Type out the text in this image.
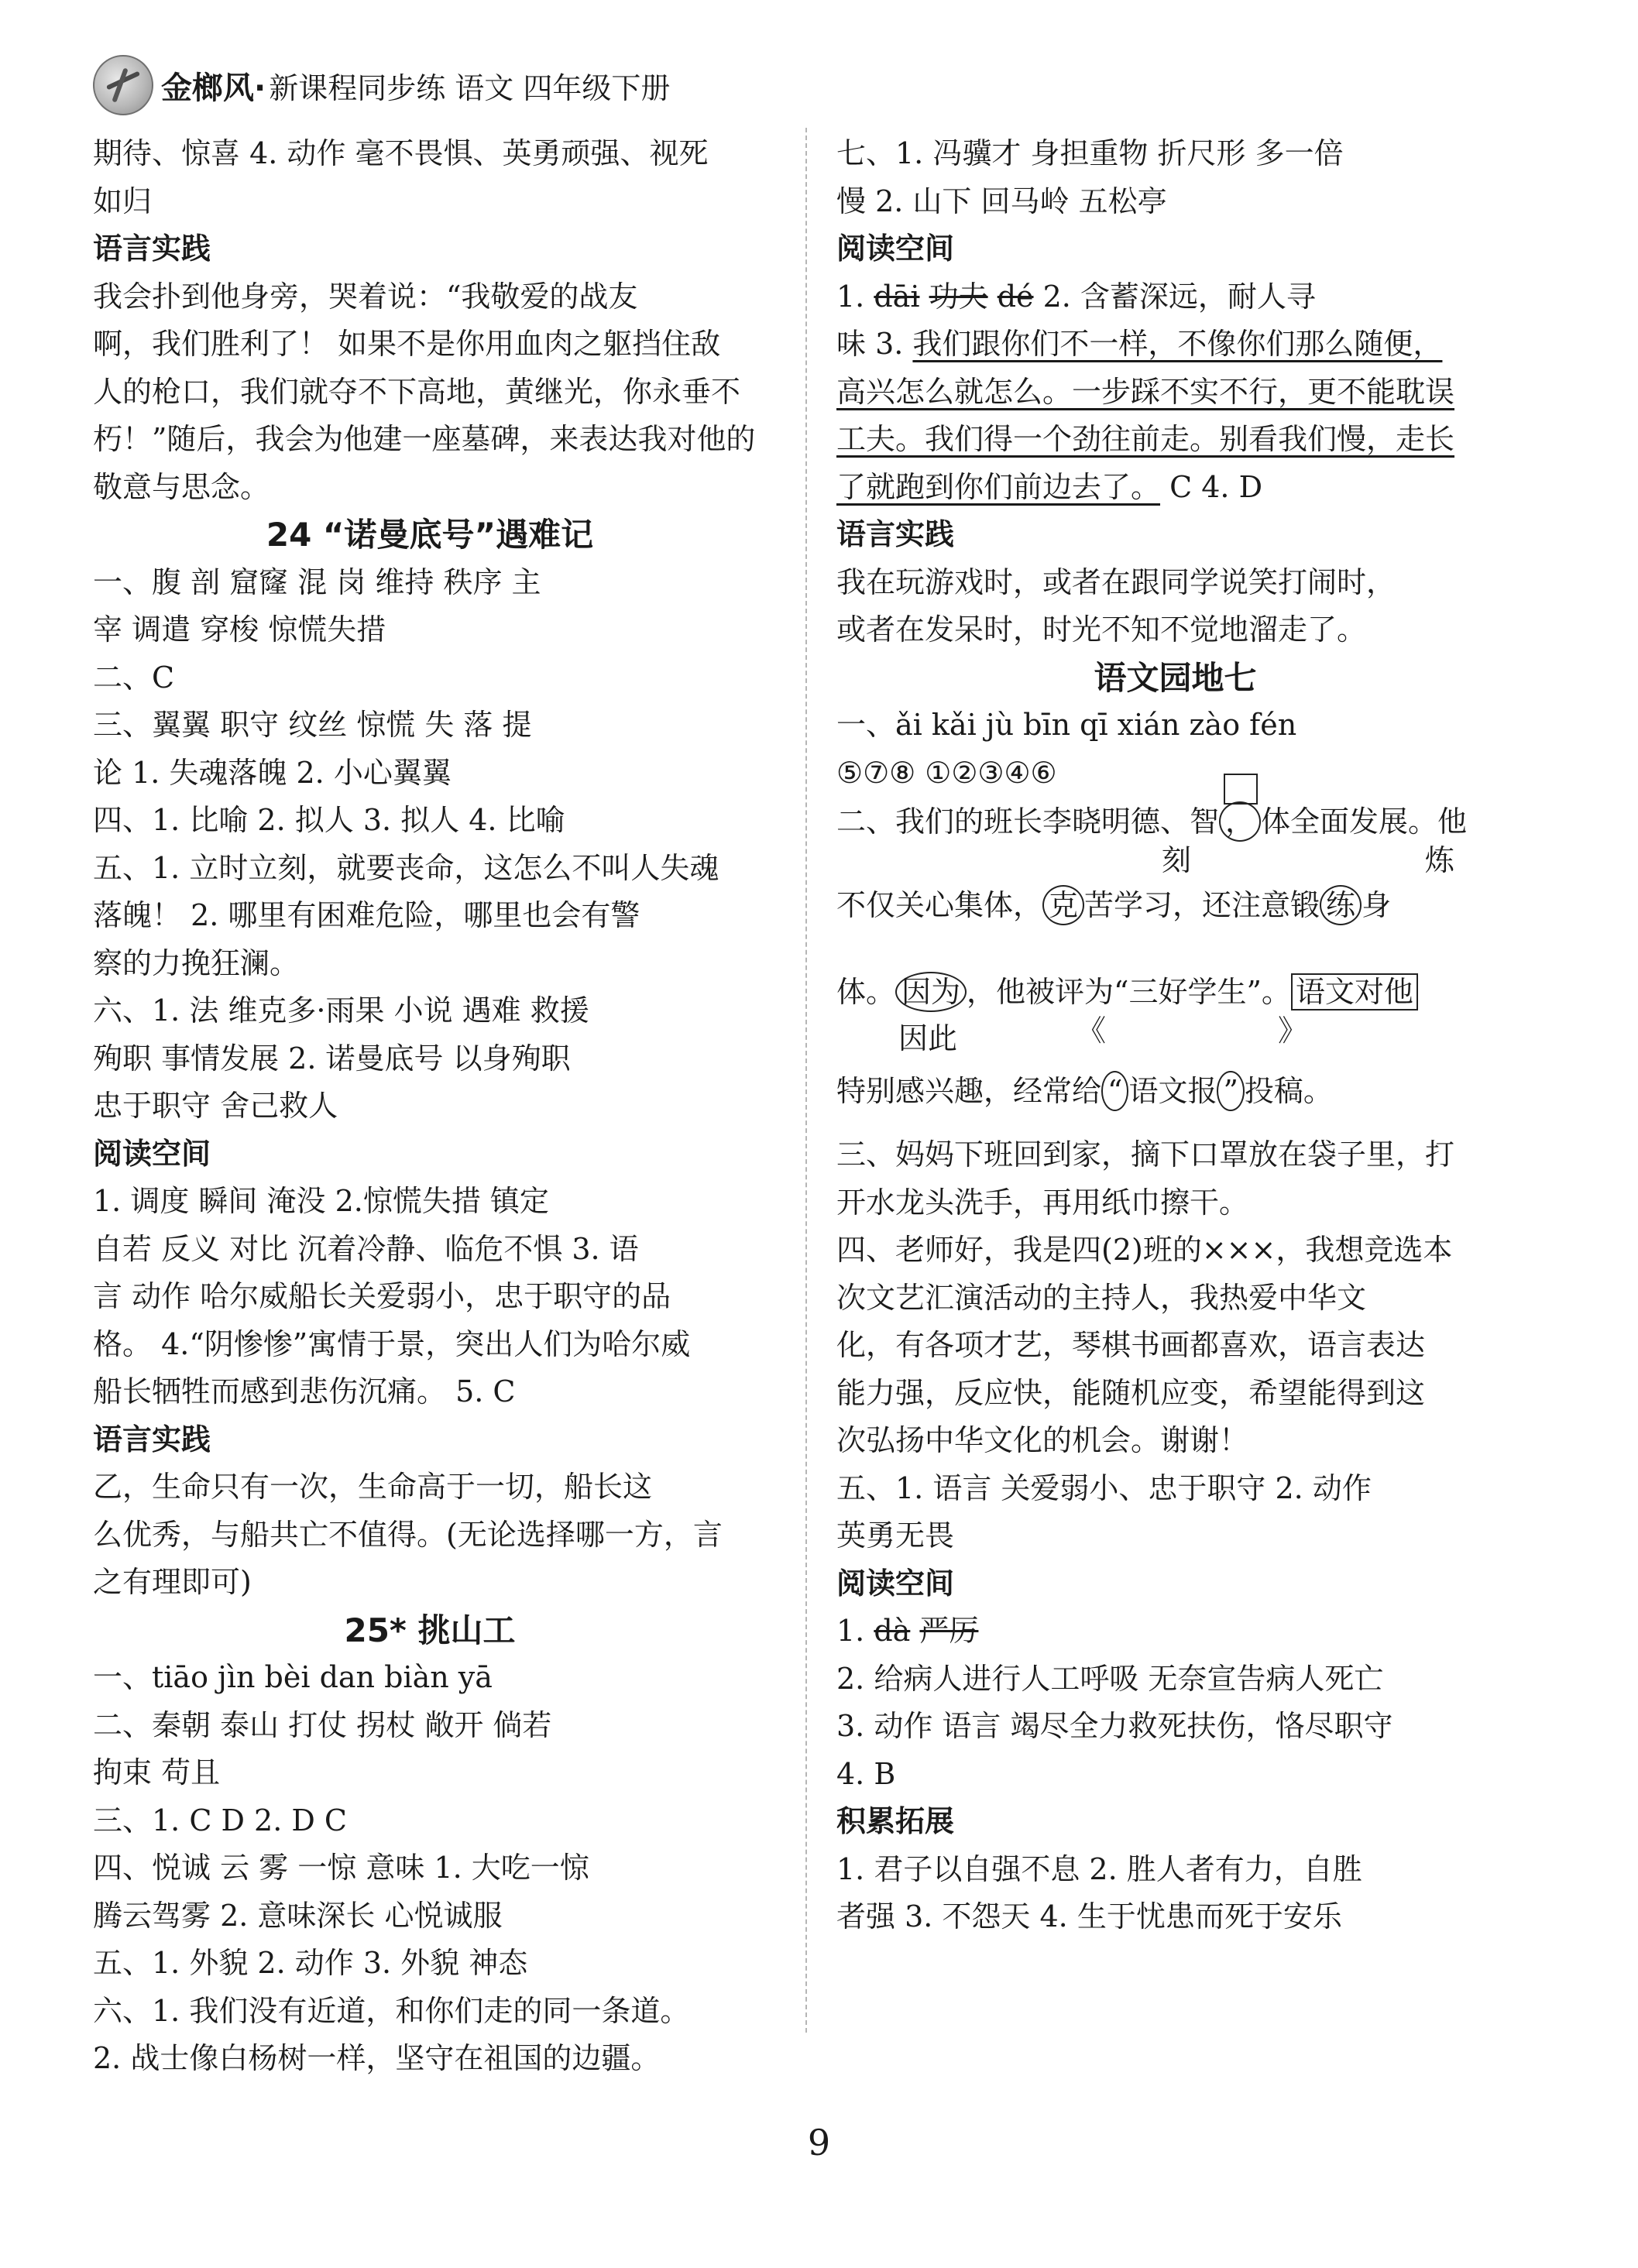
金榔风· 新课程同步练 语文 四年级下册
期待、惊喜 4. 动作 毫不畏惧、英勇顽强、视死
如归
语言实践
我会扑到他身旁，哭着说：“我敬爱的战友
啊，我们胜利了！ 如果不是你用血肉之躯挡住敌
人的枪口，我们就夺不下高地，黄继光，你永垂不
朽！”随后，我会为他建一座墓碑，来表达我对他的
敬意与思念。
24 “诺曼底号”遇难记
一、腹 剖 窟窿 混 岗 维持 秩序 主
宰 调遣 穿梭 惊慌失措
二、C
三、翼翼 职守 纹丝 惊慌 失 落 提
论 1. 失魂落魄 2. 小心翼翼
四、1. 比喻 2. 拟人 3. 拟人 4. 比喻
五、1. 立时立刻，就要丧命，这怎么不叫人失魂
落魄！ 2. 哪里有困难危险，哪里也会有警
察的力挽狂澜。
六、1. 法 维克多·雨果 小说 遇难 救援
殉职 事情发展 2. 诺曼底号 以身殉职
忠于职守 舍己救人
阅读空间
1. 调度 瞬间 淹没 2.惊慌失措 镇定
自若 反义 对比 沉着冷静、临危不惧 3. 语
言 动作 哈尔威船长关爱弱小，忠于职守的品
格。 4.“阴惨惨”寓情于景，突出人们为哈尔威
船长牺牲而感到悲伤沉痛。 5. C
语言实践
乙，生命只有一次，生命高于一切，船长这
么优秀，与船共亡不值得。(无论选择哪一方，言
之有理即可)
25* 挑山工
一、tiāo jìn bèi dan biàn yā
二、秦朝 泰山 打仗 拐杖 敞开 倘若
拘束 苟且
三、1. C D 2. D C
四、悦诚 云 雾 一惊 意味 1. 大吃一惊
腾云驾雾 2. 意味深长 心悦诚服
五、1. 外貌 2. 动作 3. 外貌 神态
六、1. 我们没有近道，和你们走的同一条道。
2. 战士像白杨树一样，坚守在祖国的边疆。
七、1. 冯骥才 身担重物 折尺形 多一倍
慢 2. 山下 回马岭 五松亭
阅读空间
1. dāi 功夫 dé 2. 含蓄深远，耐人寻
味 3. 我们跟你们不一样，不像你们那么随便，
高兴怎么就怎么。一步踩不实不行，更不能耽误
工夫。我们得一个劲往前走。别看我们慢，走长
了就跑到你们前边去了。 C 4. D
语言实践
我在玩游戏时，或者在跟同学说笑打闹时，
或者在发呆时，时光不知不觉地溜走了。
语文园地七
一、ǎi kǎi jù bīn qī xián zào fén
⑤⑦⑧ ①②③④⑥
二、我们的班长李晓明德、智 ， 体全面发展。他
刻	炼
不仅关心集体， 克 苦学习，还注意锻 练 身
体。 因为 ，他被评为“三好学生”。 语文对他
因此	《	》
特别感兴趣，经常给 “ 语文报 ” 投稿。
三、妈妈下班回到家，摘下口罩放在袋子里，打
开水龙头洗手，再用纸巾擦干。
四、老师好，我是四(2)班的×××，我想竞选本
次文艺汇演活动的主持人，我热爱中华文
化，有各项才艺，琴棋书画都喜欢，语言表达
能力强，反应快，能随机应变，希望能得到这
次弘扬中华文化的机会。谢谢！
五、1. 语言 关爱弱小、忠于职守 2. 动作
英勇无畏
阅读空间
1. dà 严厉
2. 给病人进行人工呼吸 无奈宣告病人死亡
3. 动作 语言 竭尽全力救死扶伤，恪尽职守
4. B
积累拓展
1. 君子以自强不息 2. 胜人者有力，自胜
者强 3. 不怨天 4. 生于忧患而死于安乐
9
